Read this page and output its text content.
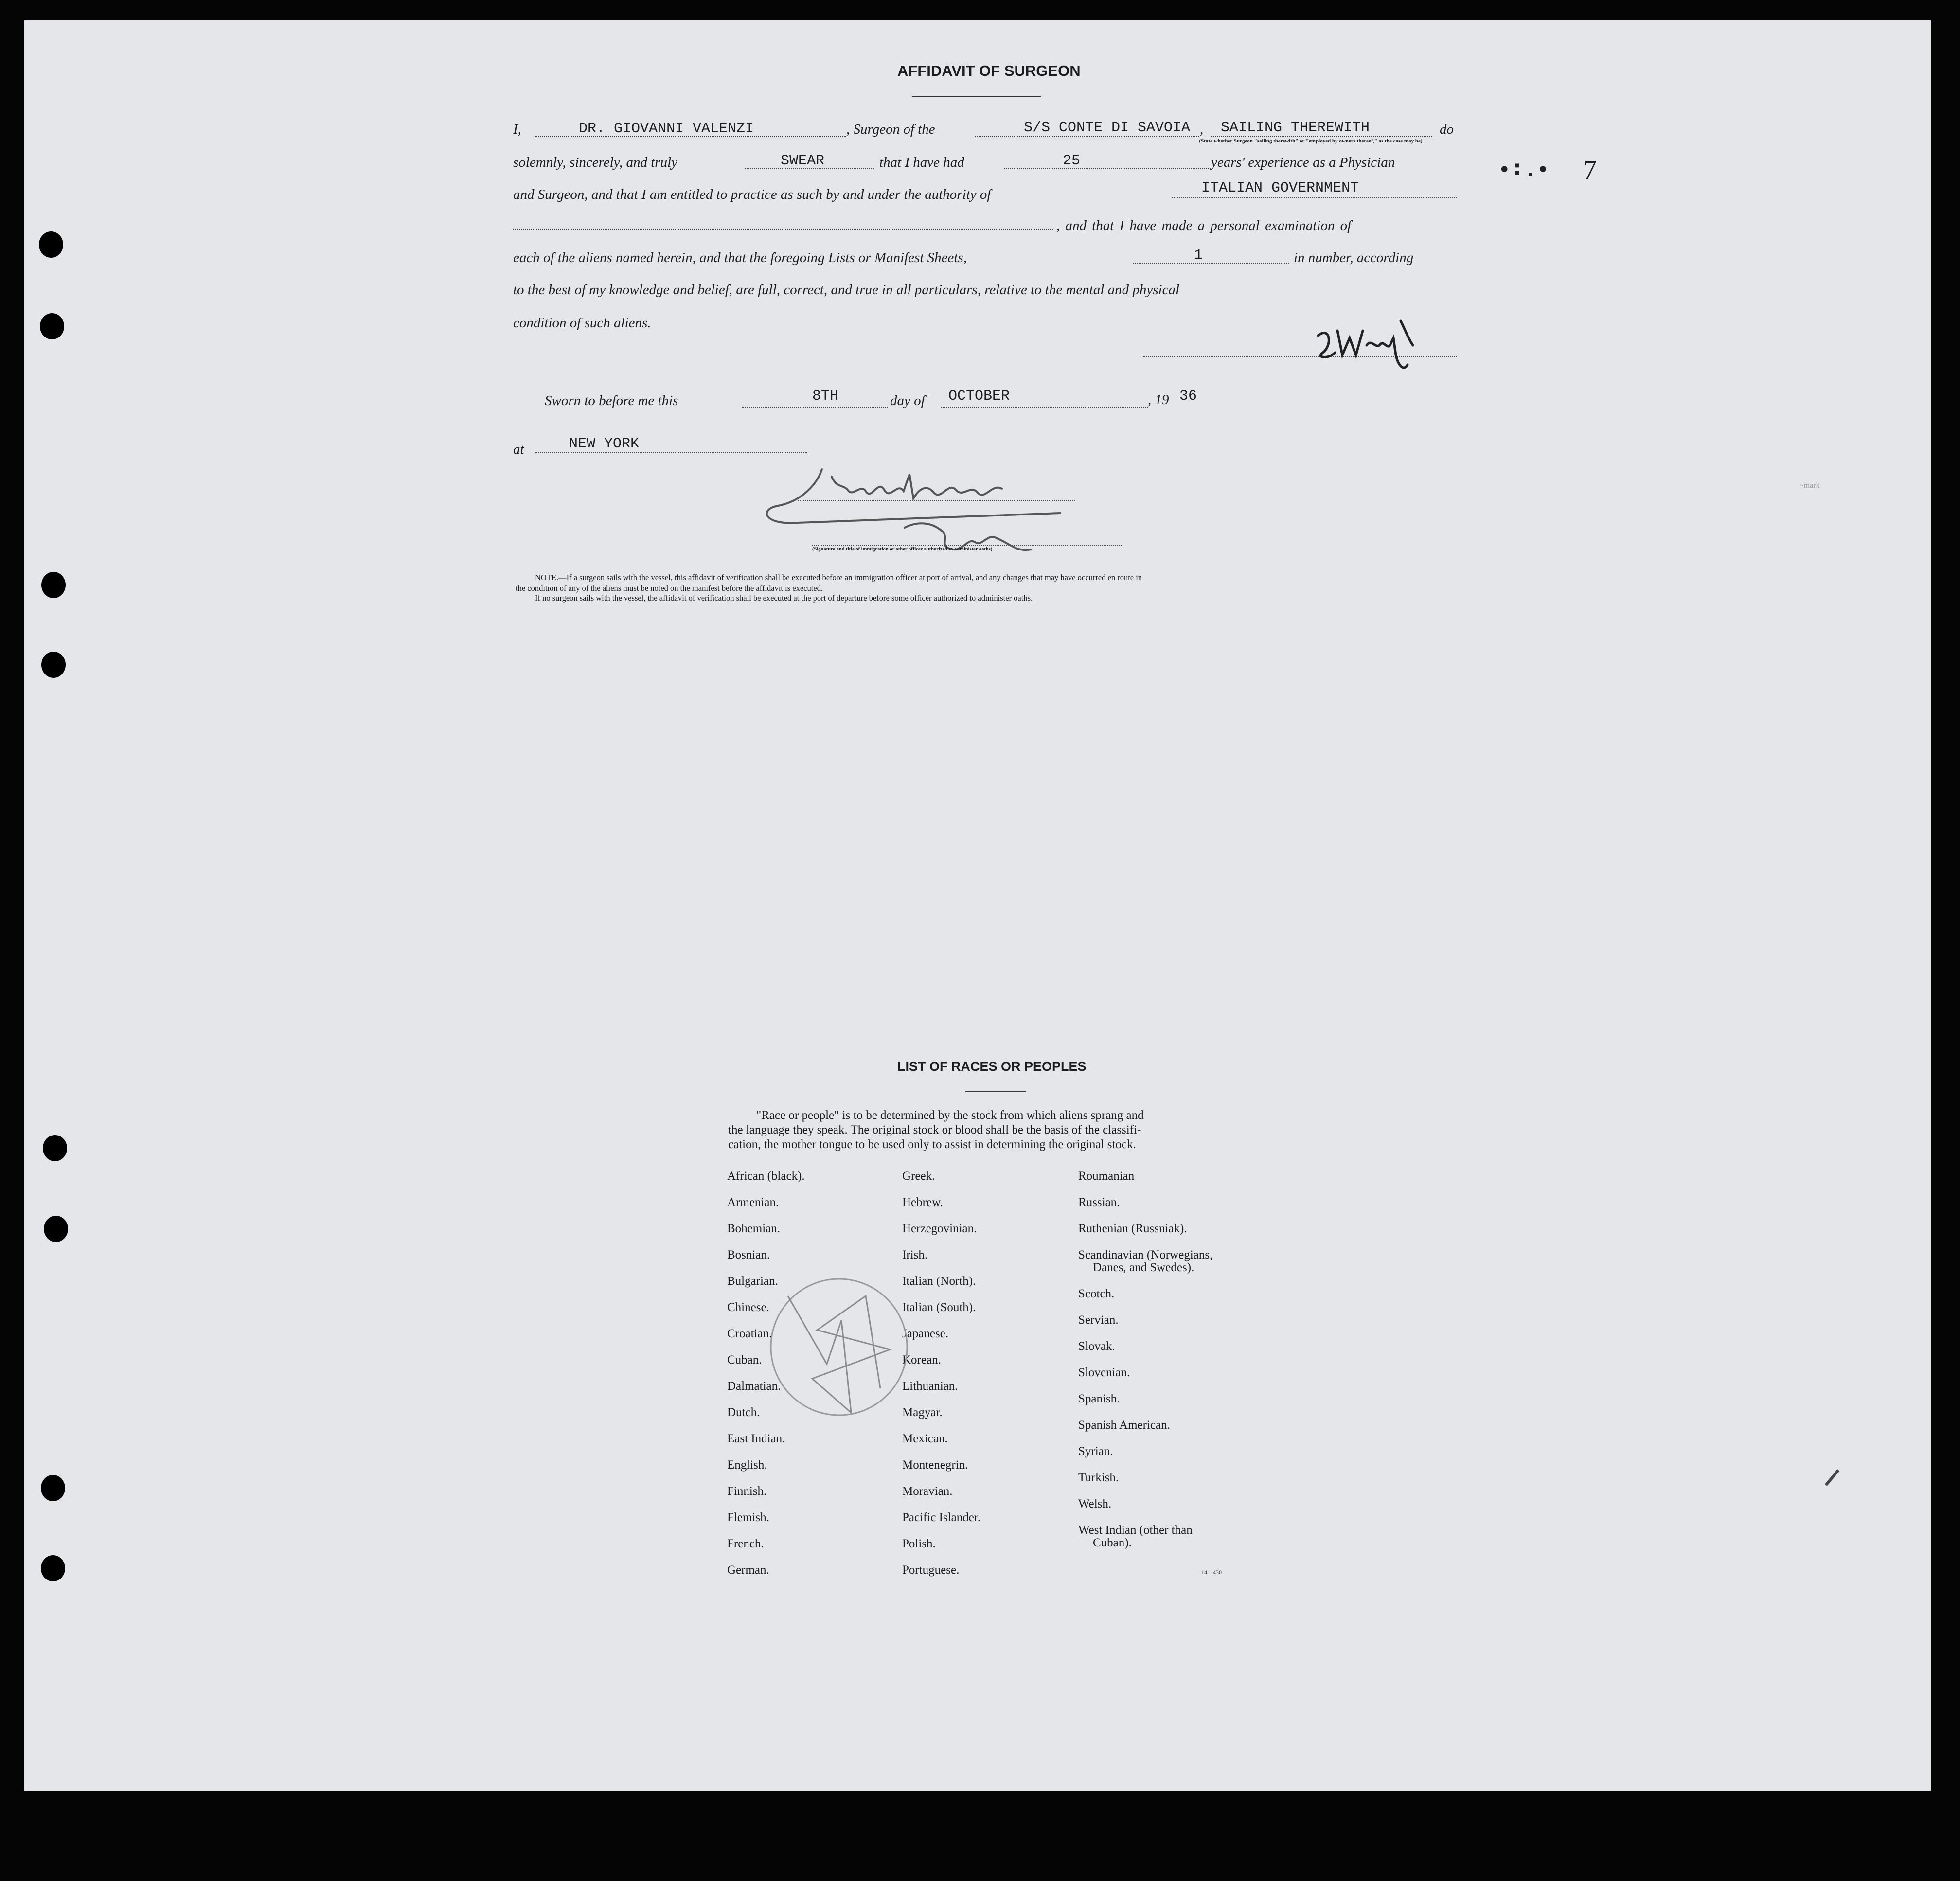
AFFIDAVIT OF SURGEON
I,	DR. GIOVANNI VALENZI	, Surgeon of the	S/S CONTE DI SAVOIA , SAILING THEREWITH	do
(State whether Surgeon "sailing therewith" or "employed by owners thereof," as the case may be)
solemnly, sincerely, and truly	SWEAR	that I have had	25	years' experience as a Physician	•∶.• 7
and Surgeon, and that I am entitled to practice as such by and under the authority of	ITALIAN GOVERNMENT
, and that I have made a personal examination of
each of the aliens named herein, and that the foregoing Lists or Manifest Sheets,	1	in number, according
to the best of my knowledge and belief, are full, correct, and true in all particulars, relative to the mental and physical
condition of such aliens.
Sworn to before me this	8TH	day of OCTOBER	, 19 36
at	NEW YORK
(Signature and title of immigration or other officer authorized to administer oaths)
NOTE.—If a surgeon sails with the vessel, this affidavit of verification shall be executed before an immigration officer at port of arrival, and any changes that may have occurred en route in
the condition of any of the aliens must be noted on the manifest before the affidavit is executed.
If no surgeon sails with the vessel, the affidavit of verification shall be executed at the port of departure before some officer authorized to administer oaths.
LIST OF RACES OR PEOPLES
"Race or people" is to be determined by the stock from which aliens sprang and
the language they speak. The original stock or blood shall be the basis of the classifi-
cation, the mother tongue to be used only to assist in determining the original stock.
African (black).
Armenian.
Bohemian.
Bosnian.
Bulgarian.
Chinese.
Croatian.
Cuban.
Dalmatian.
Dutch.
East Indian.
English.
Finnish.
Flemish.
French.
German.
Greek.
Hebrew.
Herzegovinian.
Irish.
Italian (North).
Italian (South).
Japanese.
Korean.
Lithuanian.
Magyar.
Mexican.
Montenegrin.
Moravian.
Pacific Islander.
Polish.
Portuguese.
Roumanian
Russian.
Ruthenian (Russniak).
Scandinavian (Norwegians,
Danes, and Swedes).
Scotch.
Servian.
Slovak.
Slovenian.
Spanish.
Spanish American.
Syrian.
Turkish.
Welsh.
West Indian (other than
Cuban).
14—430
~mark
